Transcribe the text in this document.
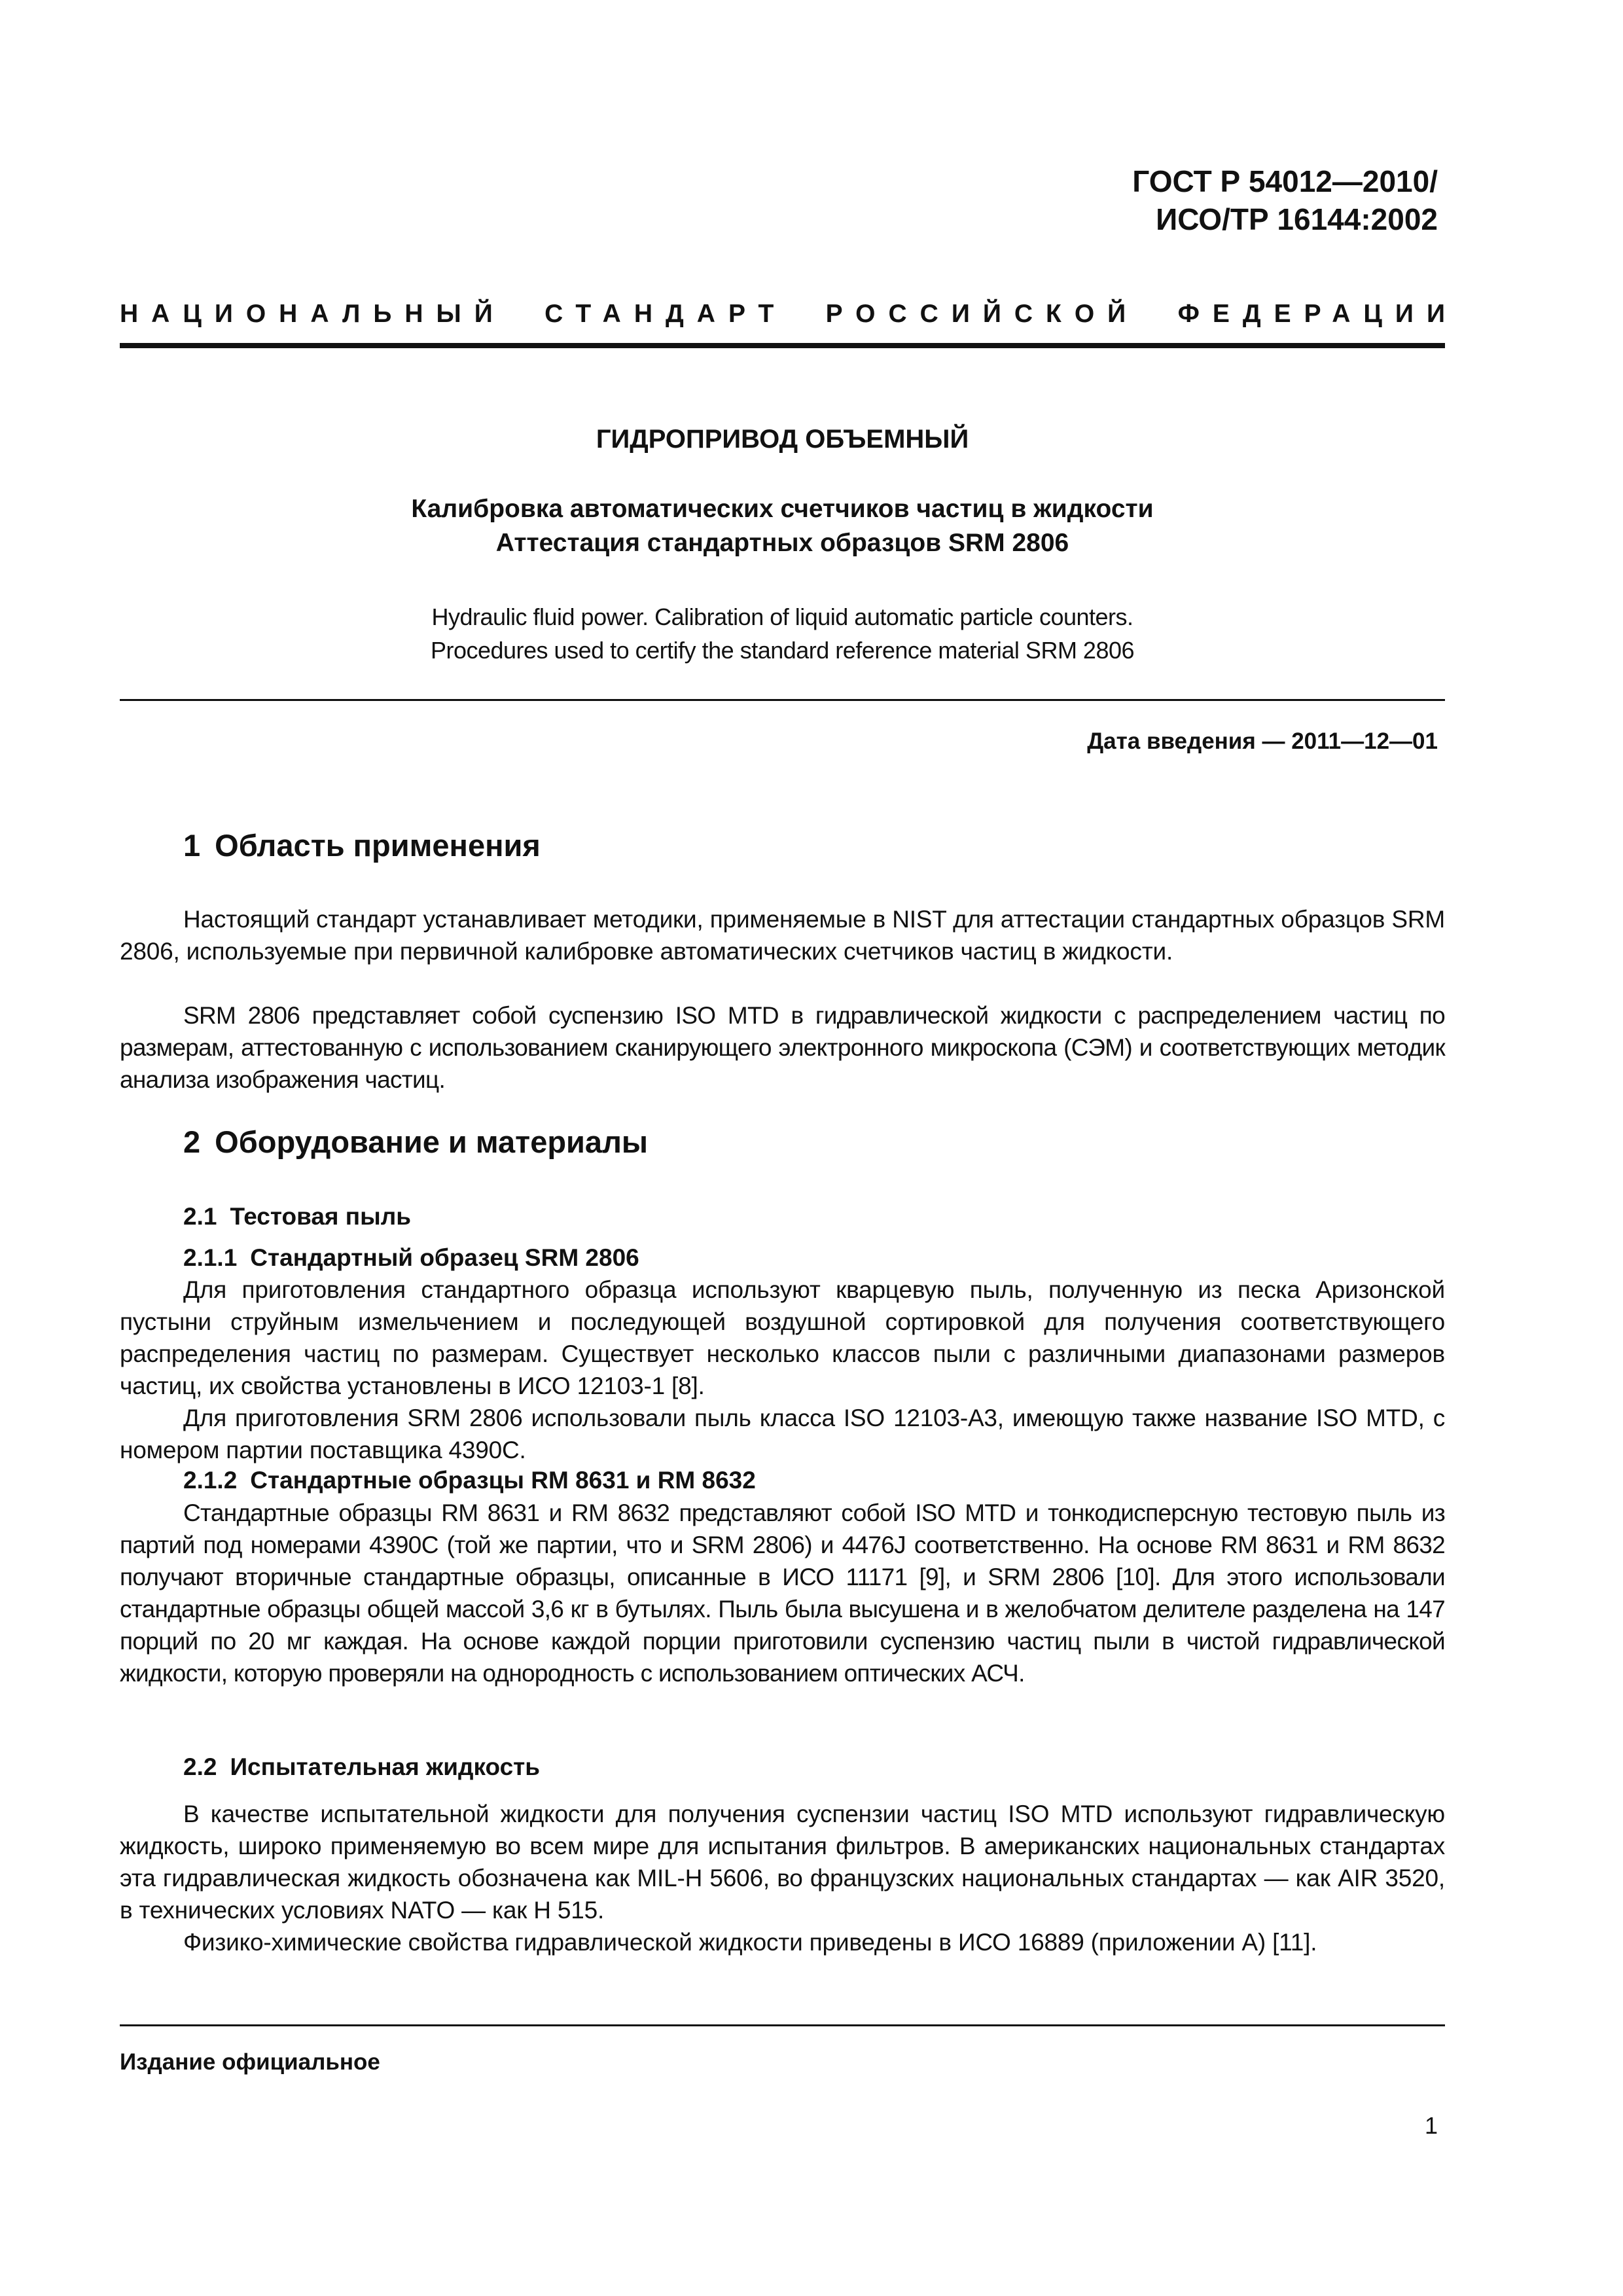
ГОСТ Р 54012—2010/
ИСО/ТР 16144:2002
НАЦИОНАЛЬНЫЙ СТАНДАРТ РОССИЙСКОЙ ФЕДЕРАЦИИ
ГИДРОПРИВОД ОБЪЕМНЫЙ
Калибровка автоматических счетчиков частиц в жидкости
Аттестация стандартных образцов SRM 2806
Hydraulic fluid power. Calibration of liquid automatic particle counters.
Procedures used to certify the standard reference material SRM 2806
Дата введения — 2011—12—01
1 Область применения
Настоящий стандарт устанавливает методики, применяемые в NIST для аттестации стандартных образцов SRM 2806, используемые при первичной калибровке автоматических счетчиков частиц в жидкости.
SRM 2806 представляет собой суспензию ISO MTD в гидравлической жидкости с распределением частиц по размерам, аттестованную с использованием сканирующего электронного микроскопа (СЭМ) и соответствующих методик анализа изображения частиц.
2 Оборудование и материалы
2.1 Тестовая пыль
2.1.1 Стандартный образец SRM 2806
Для приготовления стандартного образца используют кварцевую пыль, полученную из песка Аризонской пустыни струйным измельчением и последующей воздушной сортировкой для получения соответствующего распределения частиц по размерам. Существует несколько классов пыли с различными диапазонами размеров частиц, их свойства установлены в ИСО 12103-1 [8].
Для приготовления SRM 2806 использовали пыль класса ISO 12103-A3, имеющую также название ISO MTD, с номером партии поставщика 4390C.
2.1.2 Стандартные образцы RM 8631 и RM 8632
Стандартные образцы RM 8631 и RM 8632 представляют собой ISO MTD и тонкодисперсную тестовую пыль из партий под номерами 4390C (той же партии, что и SRM 2806) и 4476J соответственно. На основе RM 8631 и RM 8632 получают вторичные стандартные образцы, описанные в ИСО 11171 [9], и SRM 2806 [10]. Для этого использовали стандартные образцы общей массой 3,6 кг в бутылях. Пыль была высушена и в желобчатом делителе разделена на 147 порций по 20 мг каждая. На основе каждой порции приготовили суспензию частиц пыли в чистой гидравлической жидкости, которую проверяли на однородность с использованием оптических АСЧ.
2.2 Испытательная жидкость
В качестве испытательной жидкости для получения суспензии частиц ISO MTD используют гидравлическую жидкость, широко применяемую во всем мире для испытания фильтров. В американских национальных стандартах эта гидравлическая жидкость обозначена как MIL-H 5606, во французских национальных стандартах — как AIR 3520, в технических условиях NATO — как H 515.
Физико-химические свойства гидравлической жидкости приведены в ИСО 16889 (приложении А) [11].
Издание официальное
1
